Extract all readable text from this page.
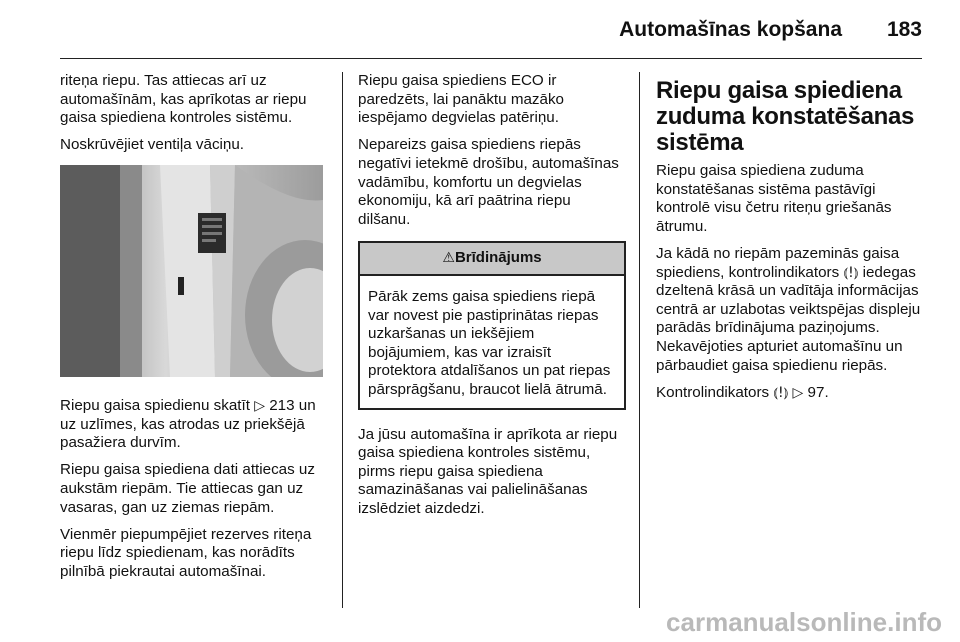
Automašīnas kopšana 183

riteņa riepu. Tas attiecas arī uz automašīnām, kas aprīkotas ar riepu gaisa spiediena kontroles sistēmu.

Noskrūvējiet ventiļa vāciņu.

Riepu gaisa spiedienu skatīt ▷ 213 un uz uzlīmes, kas atrodas uz priekšējā pasažiera durvīm.

Riepu gaisa spiediena dati attiecas uz aukstām riepām. Tie attiecas gan uz vasaras, gan uz ziemas riepām.

Vienmēr piepumpējiet rezerves riteņa riepu līdz spiedienam, kas norādīts pilnībā piekrautai automašīnai.

Riepu gaisa spiediens ECO ir paredzēts, lai panāktu mazāko iespējamo degvielas patēriņu.

Nepareizs gaisa spiediens riepās negatīvi ietekmē drošību, automašīnas vadāmību, komfortu un degvielas ekonomiju, kā arī paātrina riepu dilšanu.

⚠Brīdinājums
Pārāk zems gaisa spiediens riepā var novest pie pastiprinātas riepas uzkaršanas un iekšējiem bojājumiem, kas var izraisīt protektora atdalīšanos un pat riepas pārsprāgšanu, braucot lielā ātrumā.

Ja jūsu automašīna ir aprīkota ar riepu gaisa spiediena kontroles sistēmu, pirms riepu gaisa spiediena samazināšanas vai palielināšanas izslēdziet aizdedzi.

Riepu gaisa spiediena zuduma konstatēšanas sistēma

Riepu gaisa spiediena zuduma konstatēšanas sistēma pastāvīgi kontrolē visu četru riteņu griešanās ātrumu.

Ja kādā no riepām pazeminās gaisa spiediens, kontrolindikators ⦅!⦆ iedegas dzeltenā krāsā un vadītāja informācijas centrā ar uzlabotas veiktspējas displeju parādās brīdinājuma paziņojums. Nekavējoties apturiet automašīnu un pārbaudiet gaisa spiedienu riepās.

Kontrolindikators ⦅!⦆ ▷ 97.

carmanualsonline.info
